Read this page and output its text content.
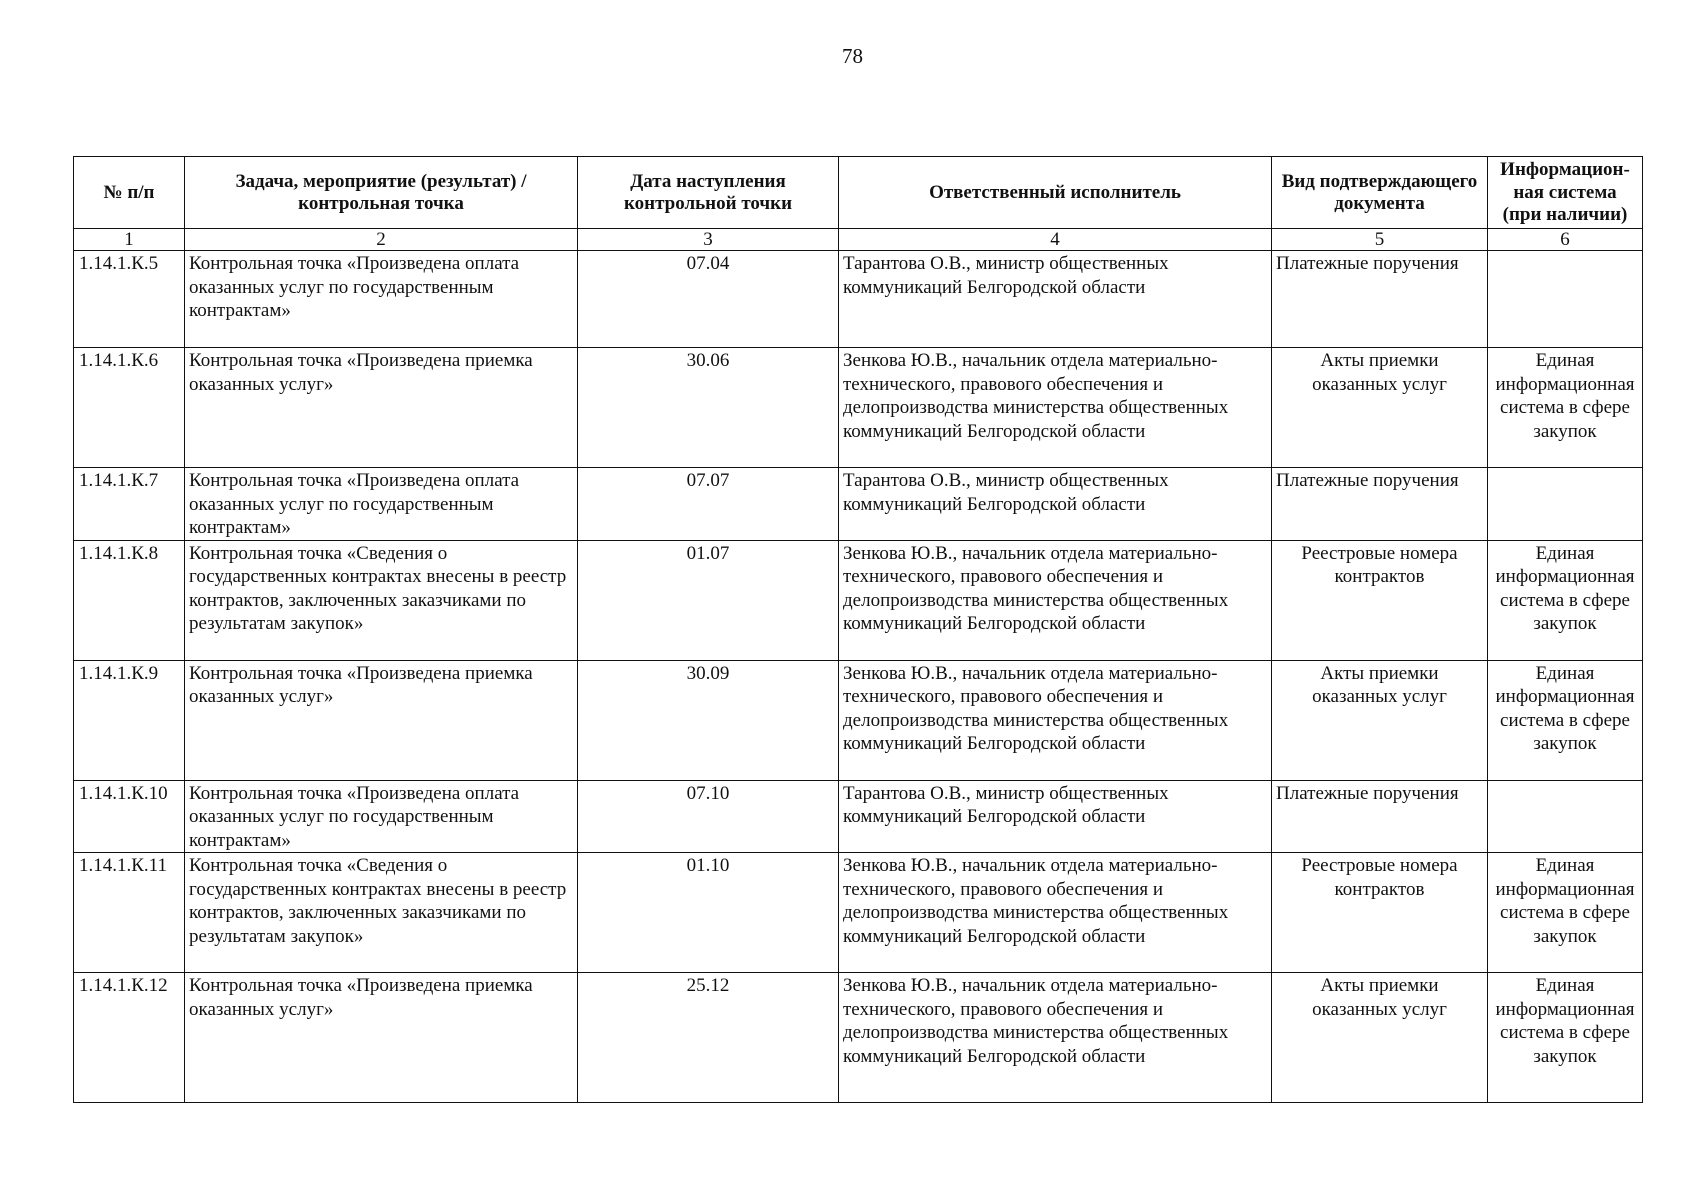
78
№ п/п	Задача, мероприятие (результат) / контрольная точка	Дата наступления контрольной точки	Ответственный исполнитель	Вид подтверждающего документа	Информацион-ная система (при наличии)
1	2	3	4	5	6
1.14.1.К.5	Контрольная точка «Произведена оплата оказанных услуг по государственным контрактам»	07.04	Тарантова О.В., министр общественных коммуникаций Белгородской области	Платежные поручения	
1.14.1.К.6	Контрольная точка «Произведена приемка оказанных услуг»	30.06	Зенкова Ю.В., начальник отдела материально-технического, правового обеспечения и делопроизводства министерства общественных коммуникаций Белгородской области	Акты приемки оказанных услуг	Единая информационная система в сфере закупок
1.14.1.К.7	Контрольная точка «Произведена оплата оказанных услуг по государственным контрактам»	07.07	Тарантова О.В., министр общественных коммуникаций Белгородской области	Платежные поручения	
1.14.1.К.8	Контрольная точка «Сведения о государственных контрактах внесены в реестр контрактов, заключенных заказчиками по результатам закупок»	01.07	Зенкова Ю.В., начальник отдела материально-технического, правового обеспечения и делопроизводства министерства общественных коммуникаций Белгородской области	Реестровые номера контрактов	Единая информационная система в сфере закупок
1.14.1.К.9	Контрольная точка «Произведена приемка оказанных услуг»	30.09	Зенкова Ю.В., начальник отдела материально-технического, правового обеспечения и делопроизводства министерства общественных коммуникаций Белгородской области	Акты приемки оказанных услуг	Единая информационная система в сфере закупок
1.14.1.К.10	Контрольная точка «Произведена оплата оказанных услуг по государственным контрактам»	07.10	Тарантова О.В., министр общественных коммуникаций Белгородской области	Платежные поручения	
1.14.1.К.11	Контрольная точка «Сведения о государственных контрактах внесены в реестр контрактов, заключенных заказчиками по результатам закупок»	01.10	Зенкова Ю.В., начальник отдела материально-технического, правового обеспечения и делопроизводства министерства общественных коммуникаций Белгородской области	Реестровые номера контрактов	Единая информационная система в сфере закупок
1.14.1.К.12	Контрольная точка «Произведена приемка оказанных услуг»	25.12	Зенкова Ю.В., начальник отдела материально-технического, правового обеспечения и делопроизводства министерства общественных коммуникаций Белгородской области	Акты приемки оказанных услуг	Единая информационная система в сфере закупок
